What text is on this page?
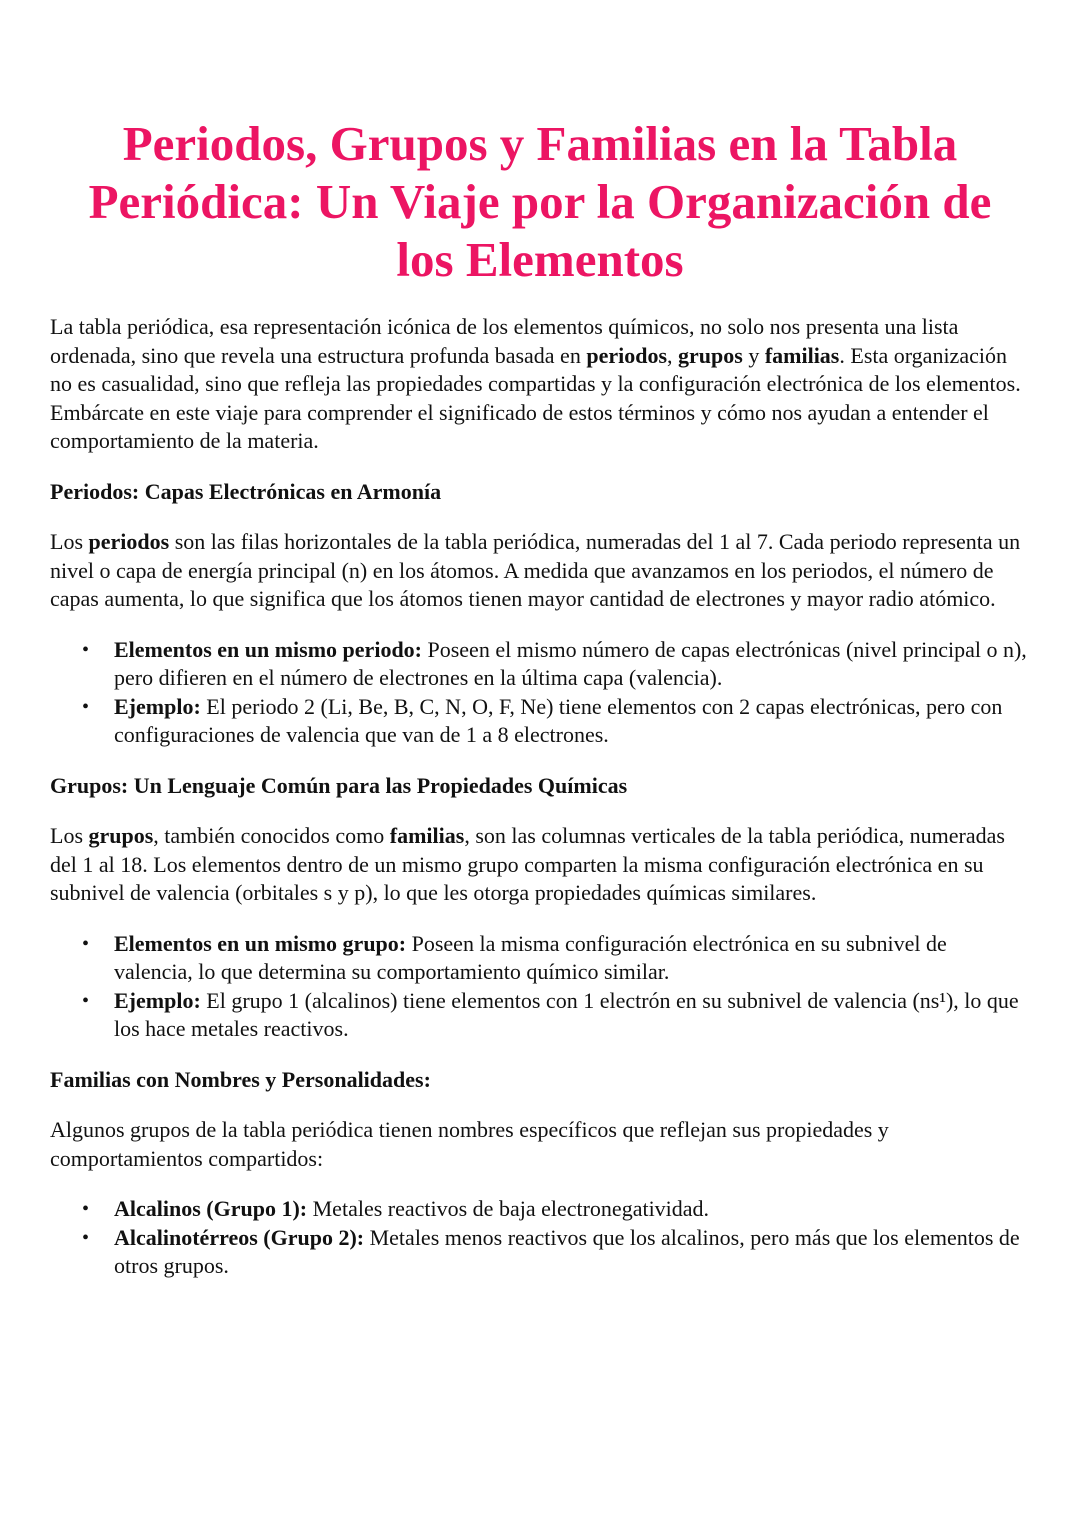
Periodos, Grupos y Familias en la Tabla Periódica: Un Viaje por la Organización de los Elementos

La tabla periódica, esa representación icónica de los elementos químicos, no solo nos presenta una lista ordenada, sino que revela una estructura profunda basada en periodos, grupos y familias. Esta organización no es casualidad, sino que refleja las propiedades compartidas y la configuración electrónica de los elementos. Embárcate en este viaje para comprender el significado de estos términos y cómo nos ayudan a entender el comportamiento de la materia.

Periodos: Capas Electrónicas en Armonía

Los periodos son las filas horizontales de la tabla periódica, numeradas del 1 al 7. Cada periodo representa un nivel o capa de energía principal (n) en los átomos. A medida que avanzamos en los periodos, el número de capas aumenta, lo que significa que los átomos tienen mayor cantidad de electrones y mayor radio atómico.

• Elementos en un mismo periodo: Poseen el mismo número de capas electrónicas (nivel principal o n), pero difieren en el número de electrones en la última capa (valencia).
• Ejemplo: El periodo 2 (Li, Be, B, C, N, O, F, Ne) tiene elementos con 2 capas electrónicas, pero con configuraciones de valencia que van de 1 a 8 electrones.
Grupos: Un Lenguaje Común para las Propiedades Químicas

Los grupos, también conocidos como familias, son las columnas verticales de la tabla periódica, numeradas del 1 al 18. Los elementos dentro de un mismo grupo comparten la misma configuración electrónica en su subnivel de valencia (orbitales s y p), lo que les otorga propiedades químicas similares.

• Elementos en un mismo grupo: Poseen la misma configuración electrónica en su subnivel de valencia, lo que determina su comportamiento químico similar.
• Ejemplo: El grupo 1 (alcalinos) tiene elementos con 1 electrón en su subnivel de valencia (ns¹), lo que los hace metales reactivos.
Familias con Nombres y Personalidades:

Algunos grupos de la tabla periódica tienen nombres específicos que reflejan sus propiedades y comportamientos compartidos:

• Alcalinos (Grupo 1): Metales reactivos de baja electronegatividad.
• Alcalinotérreos (Grupo 2): Metales menos reactivos que los alcalinos, pero más que los elementos de otros grupos.
